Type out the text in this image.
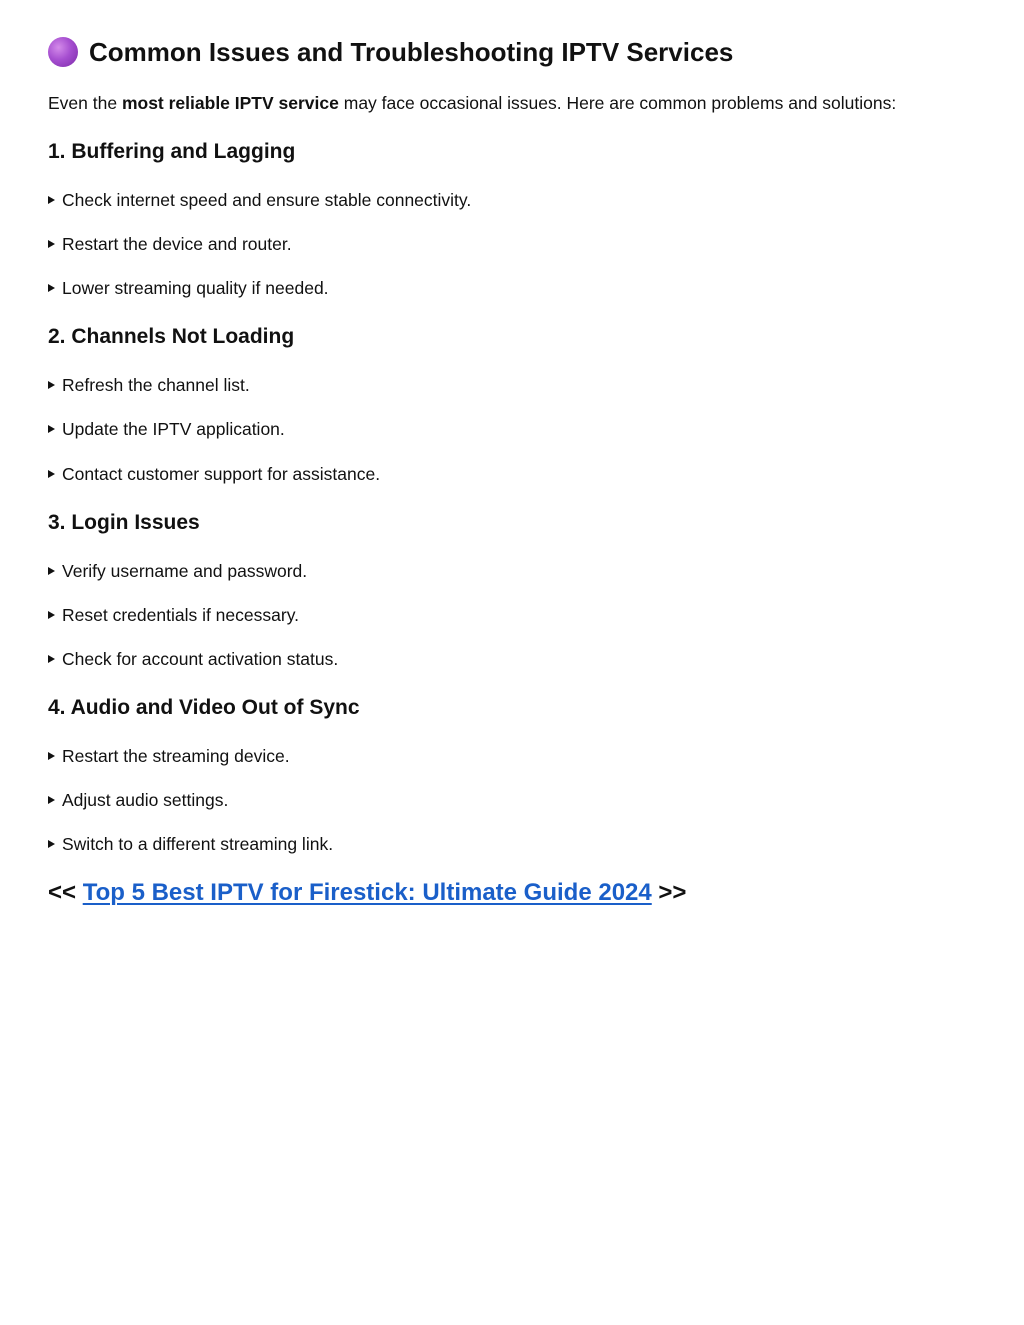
Common Issues and Troubleshooting IPTV Services

Even the most reliable IPTV service may face occasional issues. Here are common problems and solutions:

1. Buffering and Lagging

Check internet speed and ensure stable connectivity.

Restart the device and router.

Lower streaming quality if needed.

2. Channels Not Loading

Refresh the channel list.

Update the IPTV application.

Contact customer support for assistance.

3. Login Issues

Verify username and password.

Reset credentials if necessary.

Check for account activation status.

4. Audio and Video Out of Sync

Restart the streaming device.

Adjust audio settings.

Switch to a different streaming link.

<< Top 5 Best IPTV for Firestick: Ultimate Guide 2024 >>
